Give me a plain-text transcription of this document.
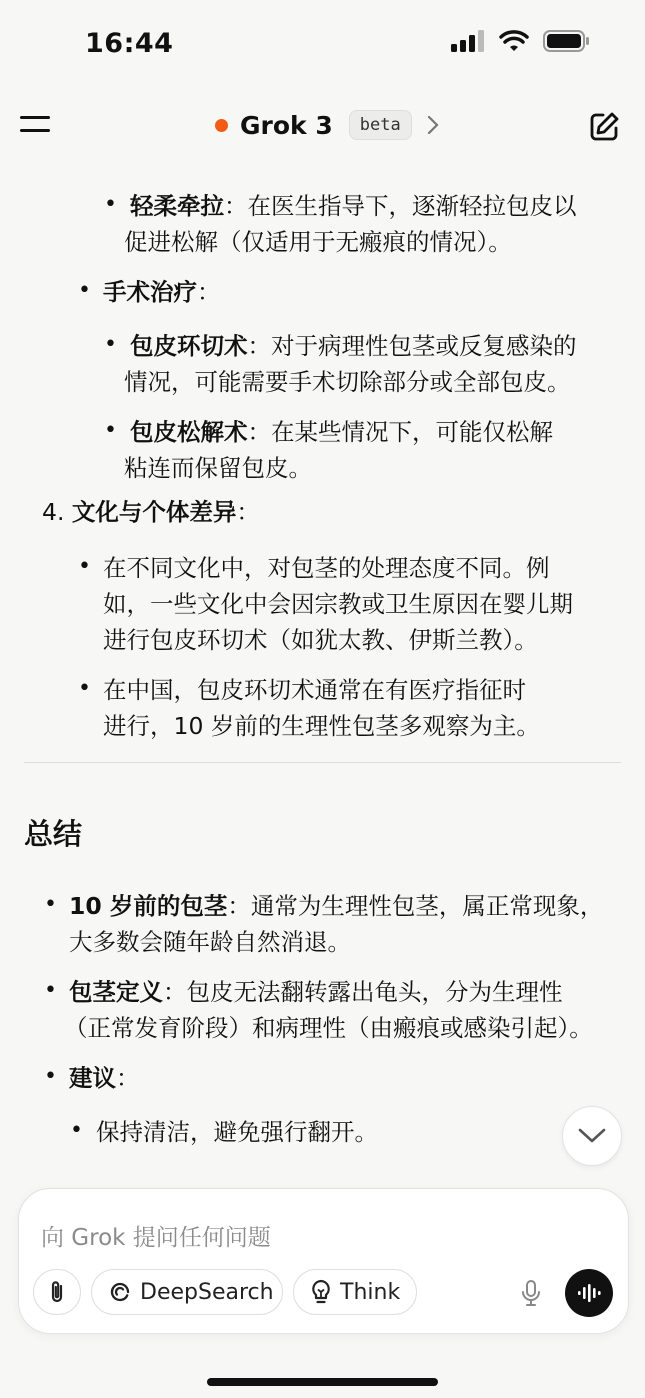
16:44
Grok 3	beta
• 轻柔牵拉：在医生指导下，逐渐轻拉包皮以
促进松解（仅适用于无瘢痕的情况）。
• 手术治疗：
• 包皮环切术：对于病理性包茎或反复感染的
情况，可能需要手术切除部分或全部包皮。
• 包皮松解术：在某些情况下，可能仅松解
粘连而保留包皮。
4. 文化与个体差异：
• 在不同文化中，对包茎的处理态度不同。例
如，一些文化中会因宗教或卫生原因在婴儿期
进行包皮环切术（如犹太教、伊斯兰教）。
• 在中国，包皮环切术通常在有医疗指征时
进行，10 岁前的生理性包茎多观察为主。
总结
• 10 岁前的包茎：通常为生理性包茎，属正常现象，
大多数会随年龄自然消退。
• 包茎定义：包皮无法翻转露出龟头，分为生理性
（正常发育阶段）和病理性（由瘢痕或感染引起）。
• 建议：
• 保持清洁，避免强行翻开。
向 Grok 提问任何问题
DeepSearch	Think
